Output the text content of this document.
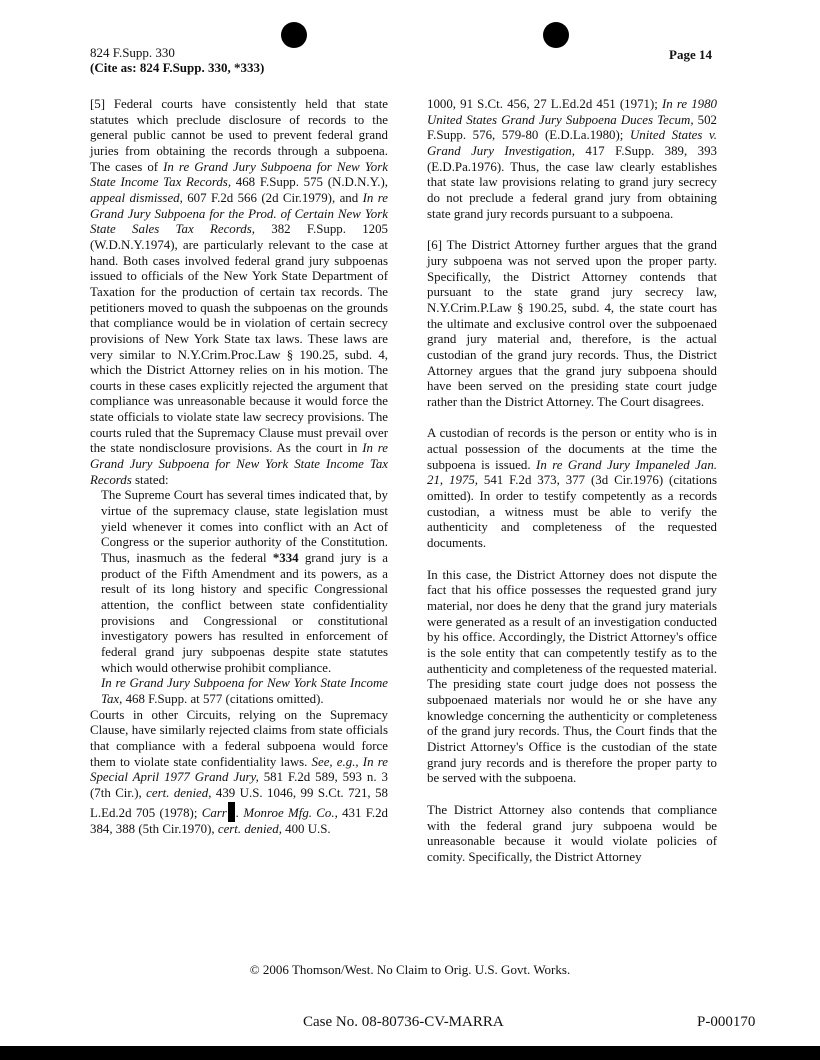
824 F.Supp. 330
(Cite as: 824 F.Supp. 330, *333)
Page 14

[5] Federal courts have consistently held that state statutes which preclude disclosure of records to the general public cannot be used to prevent federal grand juries from obtaining the records through a subpoena. The cases of In re Grand Jury Subpoena for New York State Income Tax Records, 468 F.Supp. 575 (N.D.N.Y.), appeal dismissed, 607 F.2d 566 (2d Cir.1979), and In re Grand Jury Subpoena for the Prod. of Certain New York State Sales Tax Records, 382 F.Supp. 1205 (W.D.N.Y.1974), are particularly relevant to the case at hand. Both cases involved federal grand jury subpoenas issued to officials of the New York State Department of Taxation for the production of certain tax records. The petitioners moved to quash the subpoenas on the grounds that compliance would be in violation of certain secrecy provisions of New York State tax laws. These laws are very similar to N.Y.Crim.Proc.Law § 190.25, subd. 4, which the District Attorney relies on in his motion. The courts in these cases explicitly rejected the argument that compliance was unreasonable because it would force the state officials to violate state law secrecy provisions. The courts ruled that the Supremacy Clause must prevail over the state nondisclosure provisions. As the court in In re Grand Jury Subpoena for New York State Income Tax Records stated:

The Supreme Court has several times indicated that, by virtue of the supremacy clause, state legislation must yield whenever it comes into conflict with an Act of Congress or the superior authority of the Constitution. Thus, inasmuch as the federal *334 grand jury is a product of the Fifth Amendment and its powers, as a result of its long history and specific Congressional attention, the conflict between state confidentiality provisions and Congressional or constitutional investigatory powers has resulted in enforcement of federal grand jury subpoenas despite state statutes which would otherwise prohibit compliance.

In re Grand Jury Subpoena for New York State Income Tax, 468 F.Supp. at 577 (citations omitted).

Courts in other Circuits, relying on the Supremacy Clause, have similarly rejected claims from state officials that compliance with a federal subpoena would force them to violate state confidentiality laws. See, e.g., In re Special April 1977 Grand Jury, 581 F.2d 589, 593 n. 3 (7th Cir.), cert. denied, 439 U.S. 1046, 99 S.Ct. 721, 58 L.Ed.2d 705 (1978); Carr . Monroe Mfg. Co., 431 F.2d 384, 388 (5th Cir.1970), cert. denied, 400 U.S.

1000, 91 S.Ct. 456, 27 L.Ed.2d 451 (1971); In re 1980 United States Grand Jury Subpoena Duces Tecum, 502 F.Supp. 576, 579-80 (E.D.La.1980); United States v. Grand Jury Investigation, 417 F.Supp. 389, 393 (E.D.Pa.1976). Thus, the case law clearly establishes that state law provisions relating to grand jury secrecy do not preclude a federal grand jury from obtaining state grand jury records pursuant to a subpoena.

[6] The District Attorney further argues that the grand jury subpoena was not served upon the proper party. Specifically, the District Attorney contends that pursuant to the state grand jury secrecy law, N.Y.Crim.P.Law § 190.25, subd. 4, the state court has the ultimate and exclusive control over the subpoenaed grand jury material and, therefore, is the actual custodian of the grand jury records. Thus, the District Attorney argues that the grand jury subpoena should have been served on the presiding state court judge rather than the District Attorney. The Court disagrees.

A custodian of records is the person or entity who is in actual possession of the documents at the time the subpoena is issued. In re Grand Jury Impaneled Jan. 21, 1975, 541 F.2d 373, 377 (3d Cir.1976) (citations omitted). In order to testify competently as a records custodian, a witness must be able to verify the authenticity and completeness of the requested documents.

In this case, the District Attorney does not dispute the fact that his office possesses the requested grand jury material, nor does he deny that the grand jury materials were generated as a result of an investigation conducted by his office. Accordingly, the District Attorney's office is the sole entity that can competently testify as to the authenticity and completeness of the requested material. The presiding state court judge does not possess the subpoenaed materials nor would he or she have any knowledge concerning the authenticity or completeness of the grand jury records. Thus, the Court finds that the District Attorney's Office is the custodian of the state grand jury records and is therefore the proper party to be served with the subpoena.

The District Attorney also contends that compliance with the federal grand jury subpoena would be unreasonable because it would violate policies of comity. Specifically, the District Attorney

© 2006 Thomson/West. No Claim to Orig. U.S. Govt. Works.
Case No. 08-80736-CV-MARRA	P-000170
